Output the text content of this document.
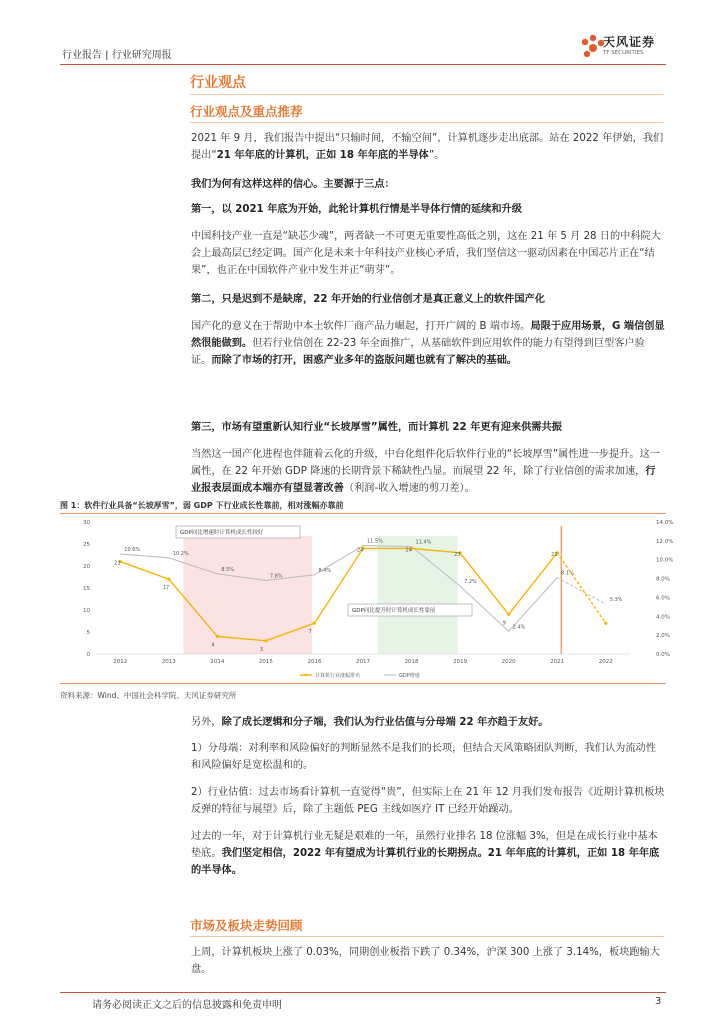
行业报告 | 行业研究周报
天风证券
TF SECURITIES
行业观点
行业观点及重点推荐
2021 年 9 月，我们报告中提出“只输时间，不输空间”，计算机逐步走出底部。站在 2022 年伊始，我们提出“21 年年底的计算机，正如 18 年年底的半导体”。
我们为何有这样这样的信心。主要源于三点：
第一，以 2021 年底为开始，此轮计算机行情是半导体行情的延续和升级
中国科技产业一直是“缺芯少魂”，两者缺一不可更无重要性高低之别，这在 21 年 5 月 28 日的中科院大会上最高层已经定调。国产化是未来十年科技产业核心矛盾，我们坚信这一驱动因素在中国芯片正在“结果”，也正在中国软件产业中发生并正“萌芽”。
第二，只是迟到不是缺席，22 年开始的行业信创才是真正意义上的软件国产化
国产化的意义在于帮助中本土软件厂商产品力崛起，打开广阔的 B 端市场。局限于应用场景，G 端信创显然很能做到。但若行业信创在 22-23 年全面推广，从基础软件到应用软件的能力有望得到巨型客户验证。而除了市场的打开，困惑产业多年的盗版问题也就有了解决的基础。
第三，市场有望重新认知行业“长坡厚雪”属性，而计算机 22 年更有迎来供需共振
当然这一国产化进程也伴随着云化的升级，中台化组件化后软件行业的“长坡厚雪”属性进一步提升。这一属性，在 22 年开始 GDP 降速的长期背景下稀缺性凸显。而展望 22 年，除了行业信创的需求加速，行业报表层面成本端亦有望显著改善（利润-收入增速的剪刀差）。
图 1：软件行业具备“长坡厚雪”，弱 GDP 下行业成长性靠前，相对涨幅亦靠前
0
5
10
15
20
25
30
0.0%
2.0%
4.0%
6.0%
8.0%
10.0%
12.0%
14.0%
2012	2013	2014	2015	2016	2017	2018	2019	2020	2021	2022
10.6%
10.2%
8.5%
7.8%
8.4%
11.5%	11.4%
7.2%
2.4%
8.1%
5.3%
21
17
4
3
7
24	24
23
9
23
GDP同比增速时计算机成长性较好
GDP同比提升时计算机成长性靠前
计算机行业涨幅排名	GDP增速
资料来源：Wind、中国社会科学院、天风证券研究所
另外，除了成长逻辑和分子端，我们认为行业估值与分母端 22 年亦趋于友好。
1）分母端：对利率和风险偏好的判断显然不是我们的长项，但结合天风策略团队判断，我们认为流动性和风险偏好是宽松温和的。
2）行业估值：过去市场看计算机一直觉得“贵”，但实际上在 21 年 12 月我们发布报告《近期计算机板块反弹的特征与展望》后，除了主题低 PEG 主线如医疗 IT 已经开始躁动。
过去的一年，对于计算机行业无疑是艰难的一年，虽然行业排名 18 位涨幅 3%，但是在成长行业中基本垫底。我们坚定相信，2022 年有望成为计算机行业的长期拐点。21 年年底的计算机，正如 18 年年底的半导体。
市场及板块走势回顾
上周，计算机板块上涨了 0.03%，同期创业板指下跌了 0.34%，沪深 300 上涨了 3.14%，板块跑输大盘。
请务必阅读正文之后的信息披露和免责申明	3
